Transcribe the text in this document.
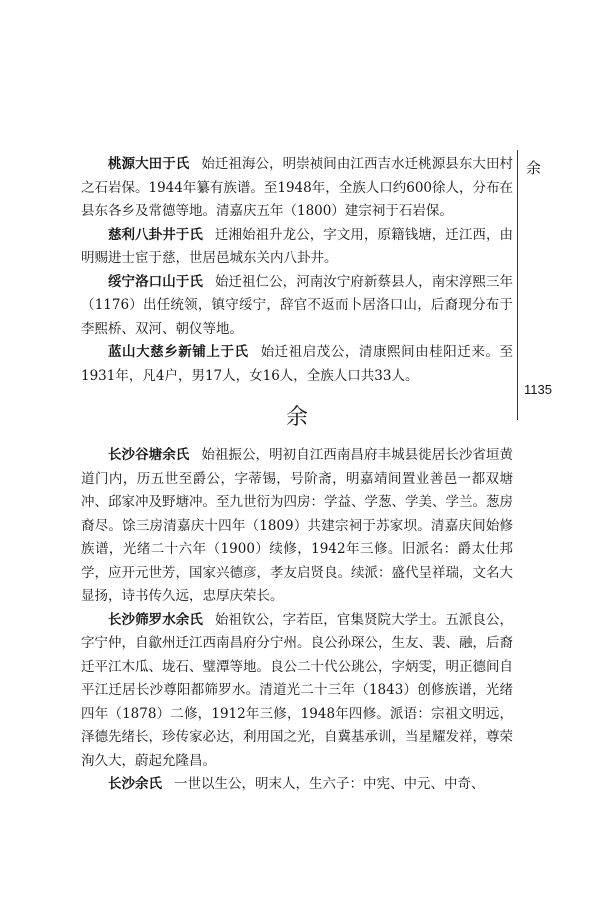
余
1135

桃源大田于氏 始迁祖海公，明崇祯间由江西吉水迁桃源县东大田村之石岩保。1944年纂有族谱。至1948年，全族人口约600徐人，分布在县东各乡及常德等地。清嘉庆五年（1800）建宗祠于石岩保。

慈利八卦井于氏 迁湘始祖升龙公，字文用，原籍钱塘，迁江西，由明赐进士宦于慈，世居邑城东关内八卦井。

绥宁洛口山于氏 始迁祖仁公，河南汝宁府新蔡县人，南宋淳熙三年（1176）出任统领，镇守绥宁，辞官不返而卜居洛口山，后裔现分布于李熙桥、双河、朝仪等地。

蓝山大慈乡新铺上于氏 始迁祖启茂公，清康熙间由桂阳迁来。至1931年，凡4户，男17人，女16人，全族人口共33人。

余

长沙谷塘余氏 始祖振公，明初自江西南昌府丰城县徙居长沙省垣黄道门内，历五世至爵公，字蒂锡，号阶斋，明嘉靖间置业善邑一都双塘冲、邱家冲及野塘冲。至九世衍为四房：学益、学葱、学美、学兰。葱房裔尽。馀三房清嘉庆十四年（1809）共建宗祠于苏家坝。清嘉庆间始修族谱，光绪二十六年（1900）续修，1942年三修。旧派名：爵太仕邦学，应开元世芳，国家兴德彦，孝友启贤良。续派：盛代呈祥瑞，文名大显扬，诗书传久远，忠厚庆荣长。

长沙筛罗水余氏 始祖钦公，字若臣，官集贤院大学士。五派良公，字宁仲，自歙州迁江西南昌府分宁州。良公孙琛公，生友、裴、融，后裔迁平江木瓜、垅石、璧潭等地。良公二十代公珧公，字炳雯，明正德间自平江迁居长沙尊阳都筛罗水。清道光二十三年（1843）创修族谱，光绪四年（1878）二修，1912年三修，1948年四修。派语：宗祖文明远，泽德先绪长，珍传家必达，利用国之光，自冀基承训，当星耀发祥，尊荣洵久大，蔚起允隆昌。

长沙余氏 一世以生公，明末人，生六子：中宪、中元、中奇、
